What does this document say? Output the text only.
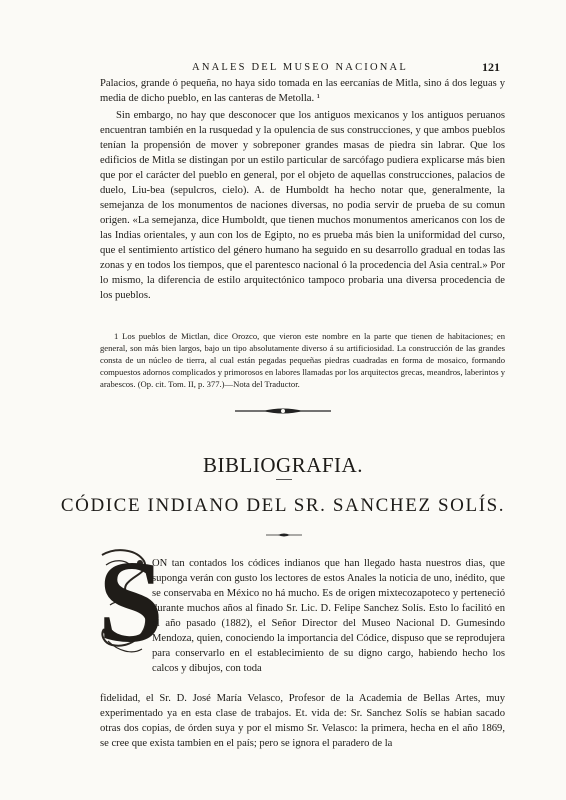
ANALES DEL MUSEO NACIONAL	121

Palacios, grande ó pequeña, no haya sido tomada en las eercanías de Mitla, sino á dos leguas y media de dicho pueblo, en las canteras de Metolla. ¹

Sin embargo, no hay que desconocer que los antiguos mexicanos y los antiguos peruanos encuentran también en la rusquedad y la opulencia de sus construcciones, y que ambos pueblos tenían la propensión de mover y sobreponer grandes masas de piedra sin labrar. Que los edificios de Mitla se distingan por un estilo particular de sarcófago pudiera explicarse más bien que por el carácter del pueblo en general, por el objeto de aquellas construcciones, palacios de duelo, Liu-bea (sepulcros, cielo). A. de Humboldt ha hecho notar que, generalmente, la semejanza de los monumentos de naciones diversas, no podia servir de prueba de su comun origen. «La semejanza, dice Humboldt, que tienen muchos monumentos americanos con los de las Indias orientales, y aun con los de Egipto, no es prueba más bien la uniformidad del curso, que el sentimiento artístico del género humano ha seguido en su desarrollo gradual en todas las zonas y en todos los tiempos, que el parentesco nacional ó la procedencia del Asia central.» Por lo mismo, la diferencia de estilo arquitectónico tampoco probaria una diversa procedencia de los pueblos.

1 Los pueblos de Mictlan, dice Orozco, que vieron este nombre en la parte que tienen de habitaciones; en general, son más bien largos, bajo un tipo absolutamente diverso á su artificiosidad. La construcción de las grandes consta de un núcleo de tierra, al cual están pegadas pequeñas piedras cuadradas en forma de mosaico, formando compuestos adornos complicados y primorosos en labores llamadas por los arquitectos grecas, meandros, laberintos y arabescos. (Op. cit. Tom. II, p. 377.)—Nota del Traductor.
BIBLIOGRAFIA.
CÓDICE INDIANO DEL SR. SANCHEZ SOLÍS.
S

ON tan contados los códices indianos que han llegado hasta nuestros dias, que suponga verán con gusto los lectores de estos Anales la noticia de uno, inédito, que se conservaba en México no há mucho. Es de origen mixtecozapoteco y perteneció durante muchos años al finado Sr. Lic. D. Felipe Sanchez Solís. Esto lo facilitó en el año pasado (1882), el Señor Director del Museo Nacional D. Gumesindo Mendoza, quien, conociendo la importancia del Códice, dispuso que se reprodujera para conservarlo en el establecimiento de su digno cargo, habiendo hecho los calcos y dibujos, con toda

fidelidad, el Sr. D. José María Velasco, Profesor de la Academia de Bellas Artes, muy experimentado ya en esta clase de trabajos. Et. vida de: Sr. Sanchez Solís se habian sacado otras dos copias, de órden suya y por el mismo Sr. Velasco: la primera, hecha en el año 1869, se cree que exista tambien en el país; pero se ignora el paradero de la
